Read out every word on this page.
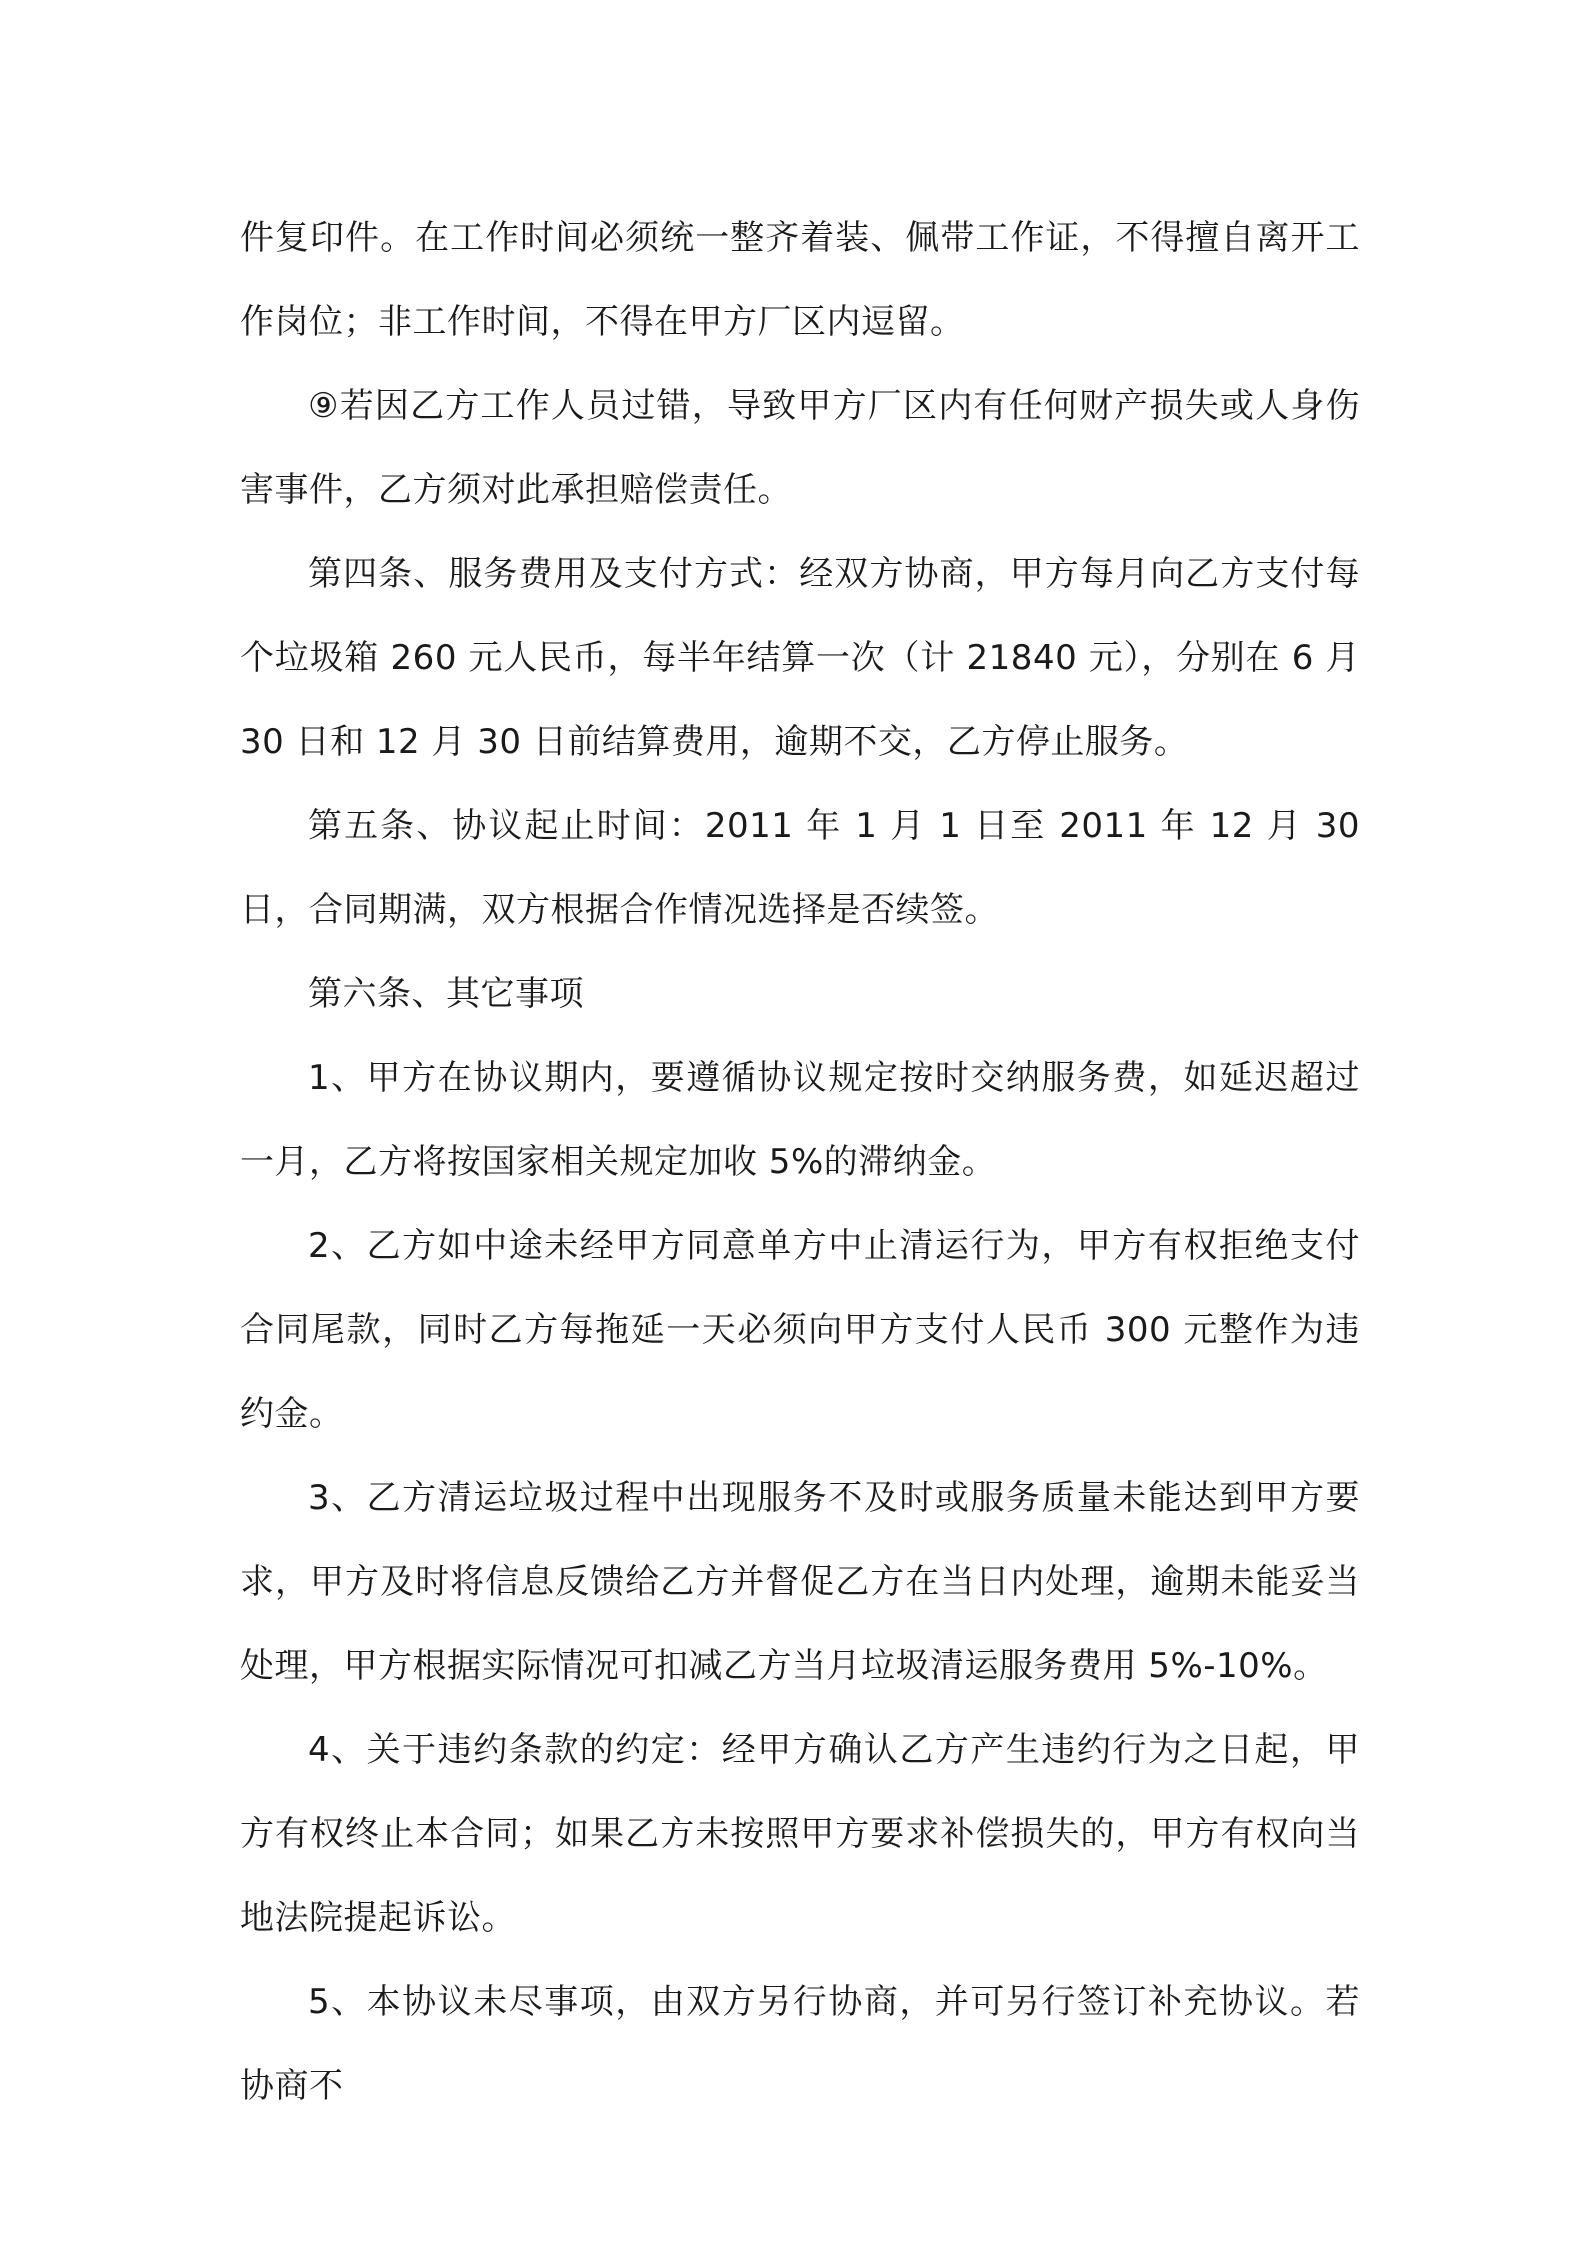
件复印件。在工作时间必须统一整齐着装、佩带工作证，不得擅自离开工作岗位；非工作时间，不得在甲方厂区内逗留。

⑨若因乙方工作人员过错，导致甲方厂区内有任何财产损失或人身伤害事件，乙方须对此承担赔偿责任。

第四条、服务费用及支付方式：经双方协商，甲方每月向乙方支付每个垃圾箱 260 元人民币，每半年结算一次（计 21840 元），分别在 6 月 30 日和 12 月 30 日前结算费用，逾期不交，乙方停止服务。

第五条、协议起止时间：2011 年 1 月 1 日至 2011 年 12 月 30 日，合同期满，双方根据合作情况选择是否续签。

第六条、其它事项

1、甲方在协议期内，要遵循协议规定按时交纳服务费，如延迟超过一月，乙方将按国家相关规定加收 5%的滞纳金。

2、乙方如中途未经甲方同意单方中止清运行为，甲方有权拒绝支付合同尾款，同时乙方每拖延一天必须向甲方支付人民币 300 元整作为违约金。

3、乙方清运垃圾过程中出现服务不及时或服务质量未能达到甲方要求，甲方及时将信息反馈给乙方并督促乙方在当日内处理，逾期未能妥当处理，甲方根据实际情况可扣减乙方当月垃圾清运服务费用 5%-10%。

4、关于违约条款的约定：经甲方确认乙方产生违约行为之日起，甲方有权终止本合同；如果乙方未按照甲方要求补偿损失的，甲方有权向当地法院提起诉讼。

5、本协议未尽事项，由双方另行协商，并可另行签订补充协议。若协商不
